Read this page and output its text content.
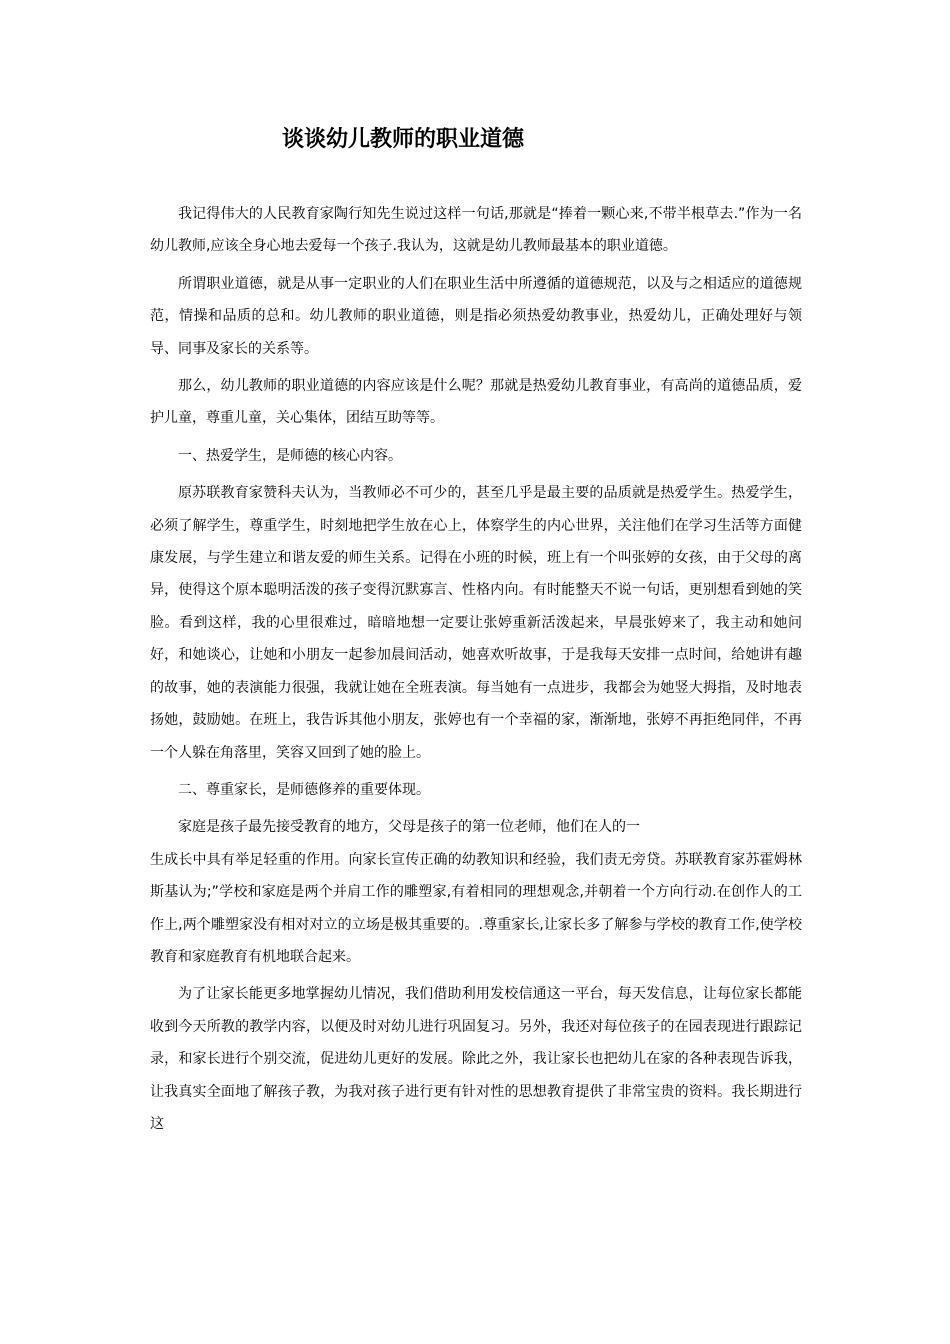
谈谈幼儿教师的职业道德

我记得伟大的人民教育家陶行知先生说过这样一句话,那就是“捧着一颗心来,不带半根草去.”作为一名幼儿教师,应该全身心地去爱每一个孩子.我认为，这就是幼儿教师最基本的职业道德。

所谓职业道德，就是从事一定职业的人们在职业生活中所遵循的道德规范，以及与之相适应的道德规范，情操和品质的总和。幼儿教师的职业道德，则是指必须热爱幼教事业，热爱幼儿，正确处理好与领导、同事及家长的关系等。

那么，幼儿教师的职业道德的内容应该是什么呢？那就是热爱幼儿教育事业，有高尚的道德品质，爱护儿童，尊重儿童，关心集体，团结互助等等。

一、热爱学生，是师德的核心内容。

原苏联教育家赞科夫认为，当教师必不可少的，甚至几乎是最主要的品质就是热爱学生。热爱学生，必须了解学生，尊重学生，时刻地把学生放在心上，体察学生的内心世界，关注他们在学习生活等方面健康发展，与学生建立和谐友爱的师生关系。记得在小班的时候，班上有一个叫张婷的女孩，由于父母的离异，使得这个原本聪明活泼的孩子变得沉默寡言、性格内向。有时能整天不说一句话，更别想看到她的笑脸。看到这样，我的心里很难过，暗暗地想一定要让张婷重新活泼起来，早晨张婷来了，我主动和她问好，和她谈心，让她和小朋友一起参加晨间活动，她喜欢听故事，于是我每天安排一点时间，给她讲有趣的故事，她的表演能力很强，我就让她在全班表演。每当她有一点进步，我都会为她竖大拇指，及时地表扬她，鼓励她。在班上，我告诉其他小朋友，张婷也有一个幸福的家，渐渐地，张婷不再拒绝同伴，不再一个人躲在角落里，笑容又回到了她的脸上。

二、尊重家长，是师德修养的重要体现。

家庭是孩子最先接受教育的地方，父母是孩子的第一位老师，他们在人的一

生成长中具有举足轻重的作用。向家长宣传正确的幼教知识和经验，我们责无旁贷。苏联教育家苏霍姆林斯基认为;”学校和家庭是两个并肩工作的雕塑家,有着相同的理想观念,并朝着一个方向行动.在创作人的工作上,两个雕塑家没有相对对立的立场是极其重要的。.尊重家长,让家长多了解参与学校的教育工作,使学校教育和家庭教育有机地联合起来。

为了让家长能更多地掌握幼儿情况，我们借助利用发校信通这一平台，每天发信息，让每位家长都能收到今天所教的教学内容，以便及时对幼儿进行巩固复习。另外，我还对每位孩子的在园表现进行跟踪记录，和家长进行个别交流，促进幼儿更好的发展。除此之外，我让家长也把幼儿在家的各种表现告诉我，让我真实全面地了解孩子教，为我对孩子进行更有针对性的思想教育提供了非常宝贵的资料。我长期进行这
